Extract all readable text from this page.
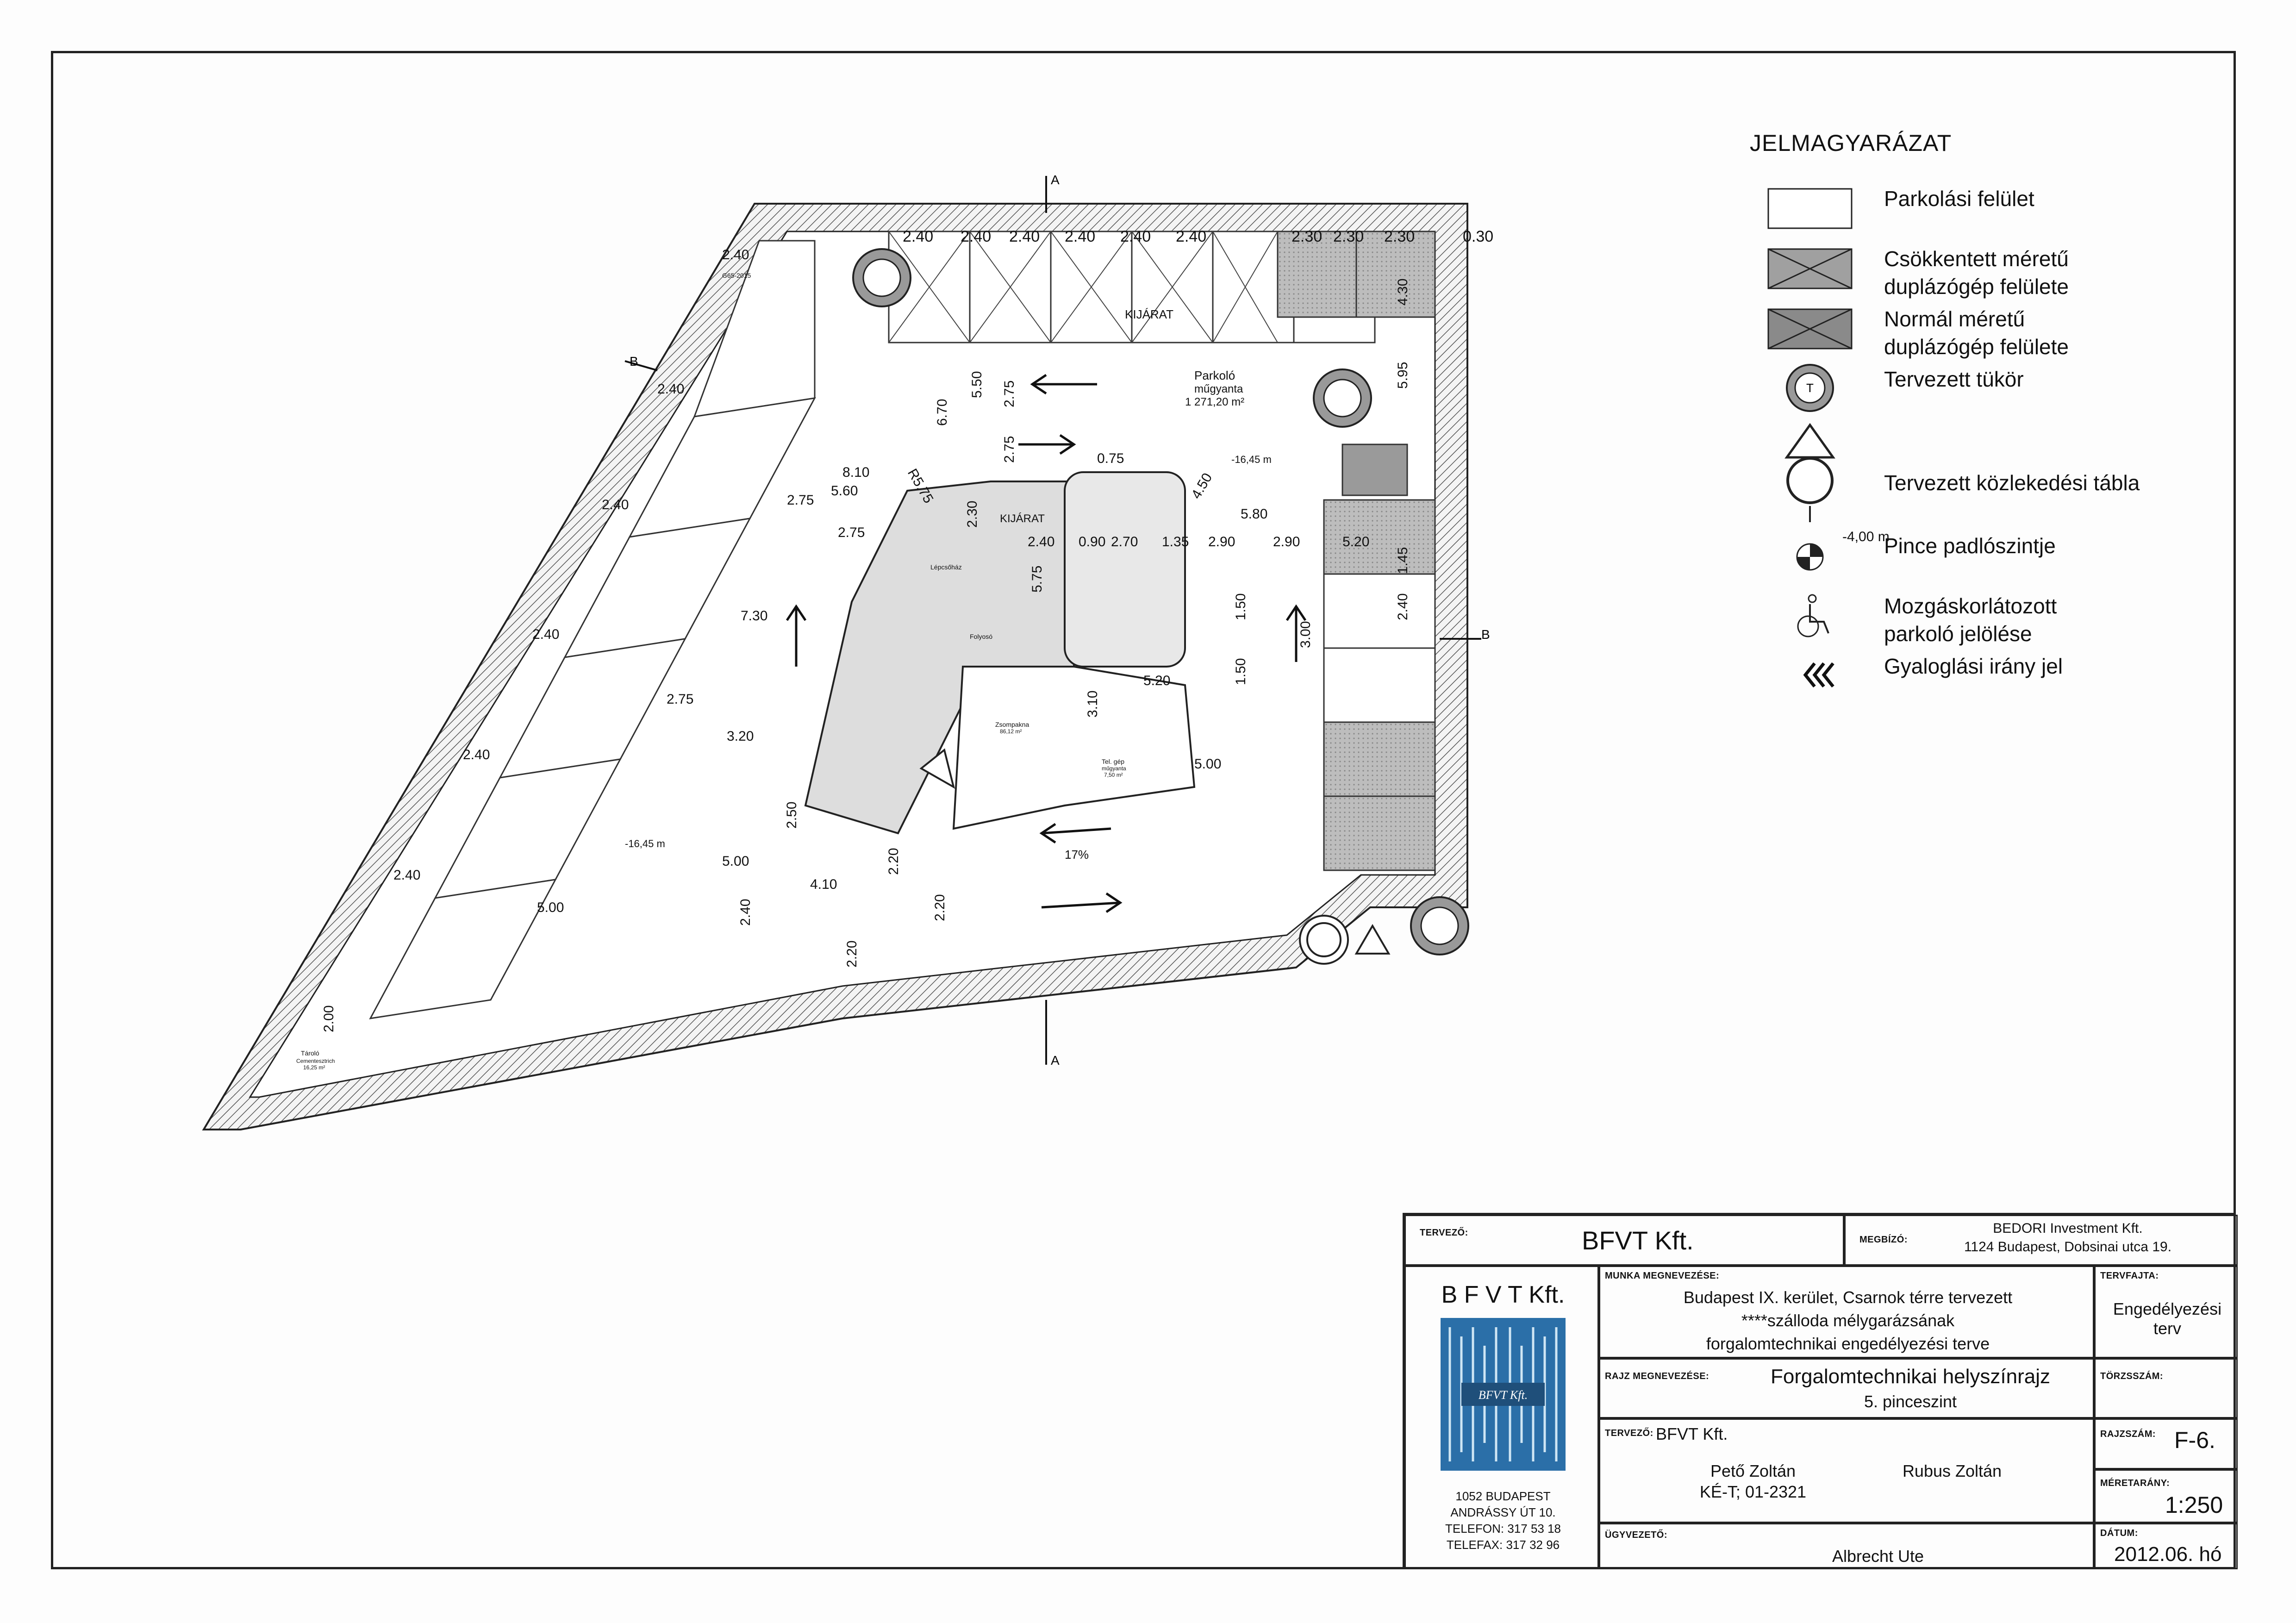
2.40 2.40 2.40 2.40 2.40 2.40	2.30 2.30 2.30	0.30
2.40
2.40
2.40
2.40
2.40
2.40
A
A
B
B
Parkoló
műgyanta
1 271,20 m²
KIJÁRAT
KIJÁRAT
-16,45 m
-16,45 m
6.70
5.50 2.75
2.75	0.75
8.10
5.60
2.75
2.75
R5.75
2.30
2.40 0.90 2.70 1.35 2.90	2.90
5.80
4.50
7.30
3.20
2.75
5.00
5.00
5.00
4.10
2.20
2.20
2.20
2.40
2.50
2.00
3.10
5.20
3.00
1.50
1.50
5.75
5.95
5.20
4.30
1.45
2.40
17%
Tároló
Cementesztrich
16,25 m²
Zsompakna
86,12 m²
Tel. gép
műgyanta
7,50 m²
Folyosó
Lépcsőház
G65-2015
JELMAGYARÁZAT
Parkolási felület
Csökkentett méretű duplázógép felülete
Normál méretű duplázógép felülete
T	Tervezett tükör
Tervezett közlekedési tábla
Pince padlószintje
-4,00 m
Mozgáskorlátozott parkoló jelölése
Gyaloglási irány jel
TERVEZŐ:	BFVT Kft.	MEGBÍZÓ:
BEDORI Investment Kft.
1124 Budapest, Dobsinai utca 19.
B F V T Kft.
BFVT Kft.
1052 BUDAPEST
ANDRÁSSY ÚT 10.
TELEFON: 317 53 18
TELEFAX: 317 32 96
MUNKA MEGNEVEZÉSE:
Budapest IX. kerület, Csarnok térre tervezett
****szálloda mélygarázsának
forgalomtechnikai engedélyezési terve
TERVFAJTA:
Engedélyezési
terv
RAJZ MEGNEVEZÉSE:	Forgalomtechnikai helyszínrajz
5. pinceszint
TÖRZSSZÁM:
TERVEZŐ: BFVT Kft.
Pető Zoltán
KÉ-T; 01-2321
Rubus Zoltán
RAJZSZÁM: F-6.
MÉRETARÁNY:
1:250
ÜGYVEZETŐ:
Albrecht Ute
DÁTUM:
2012.06. hó
